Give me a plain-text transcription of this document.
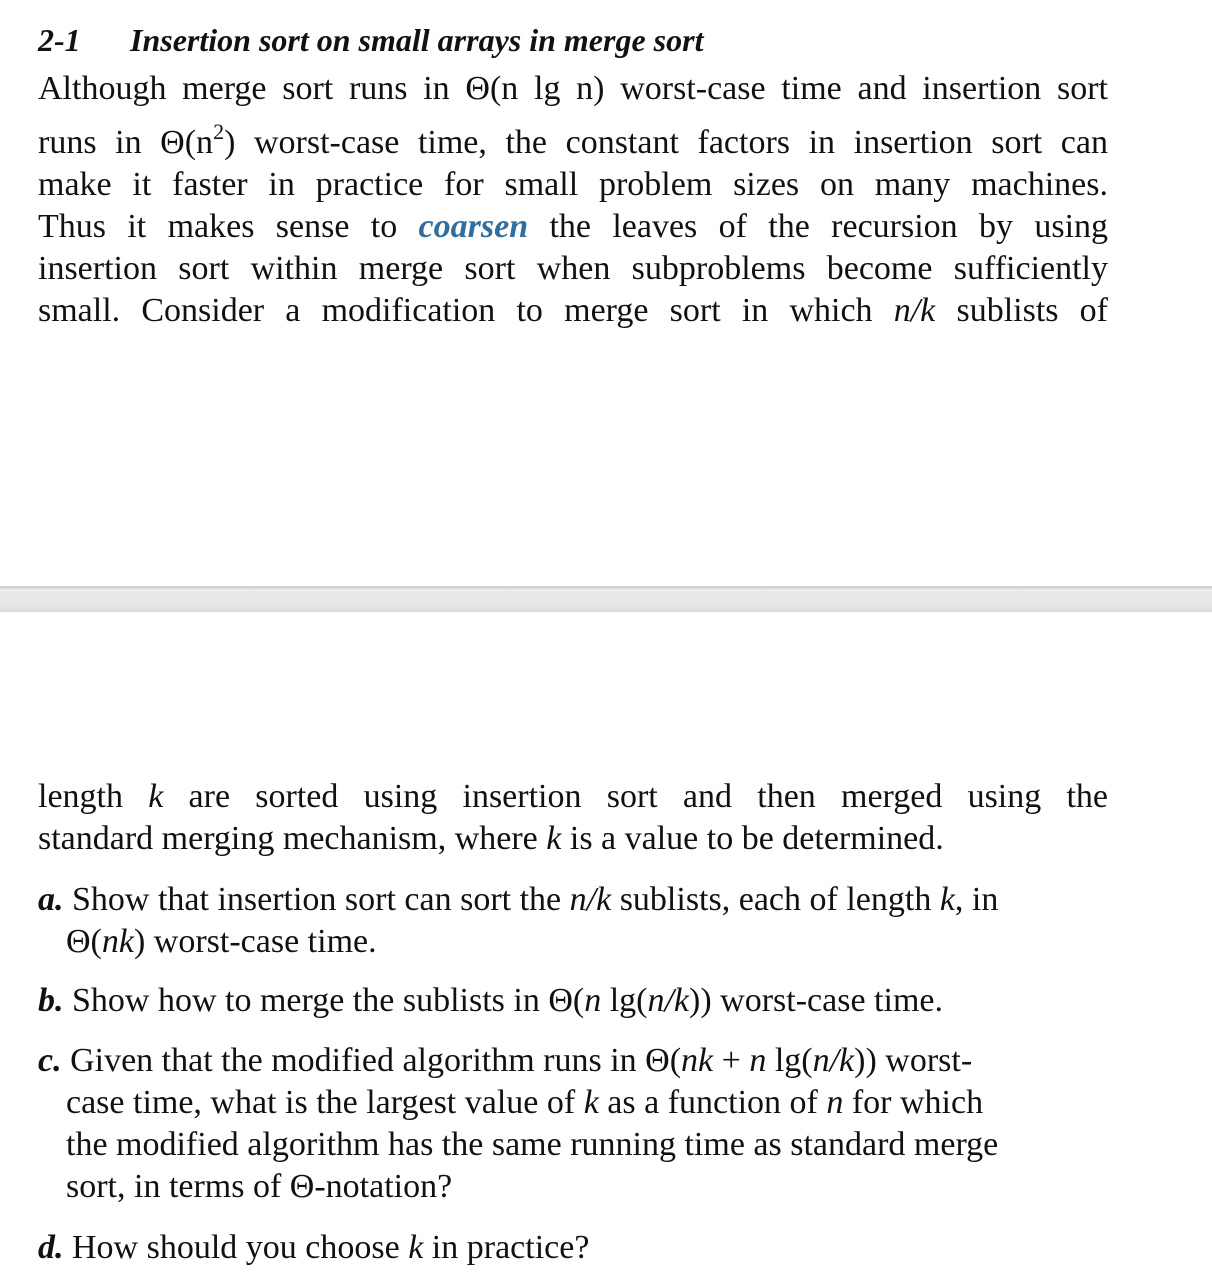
2-1 Insertion sort on small arrays in merge sort
Although merge sort runs in Θ(n lg n) worst-case time and insertion sort
runs in $\Theta(n^2)$ worst-case time, the constant factors in insertion sort can
make it faster in practice for small problem sizes on many machines.
Thus it makes sense to coarsen the leaves of the recursion by using
insertion sort within merge sort when subproblems become sufficiently
small. Consider a modification to merge sort in which n/k sublists of
length k are sorted using insertion sort and then merged using the
standard merging mechanism, where k is a value to be determined.
a. Show that insertion sort can sort the n/k sublists, each of length k, in
Θ(nk) worst-case time.
b. Show how to merge the sublists in Θ(n lg(n/k)) worst-case time.
c. Given that the modified algorithm runs in Θ(nk + n lg(n/k)) worst-
case time, what is the largest value of k as a function of n for which
the modified algorithm has the same running time as standard merge
sort, in terms of Θ-notation?
d. How should you choose k in practice?
